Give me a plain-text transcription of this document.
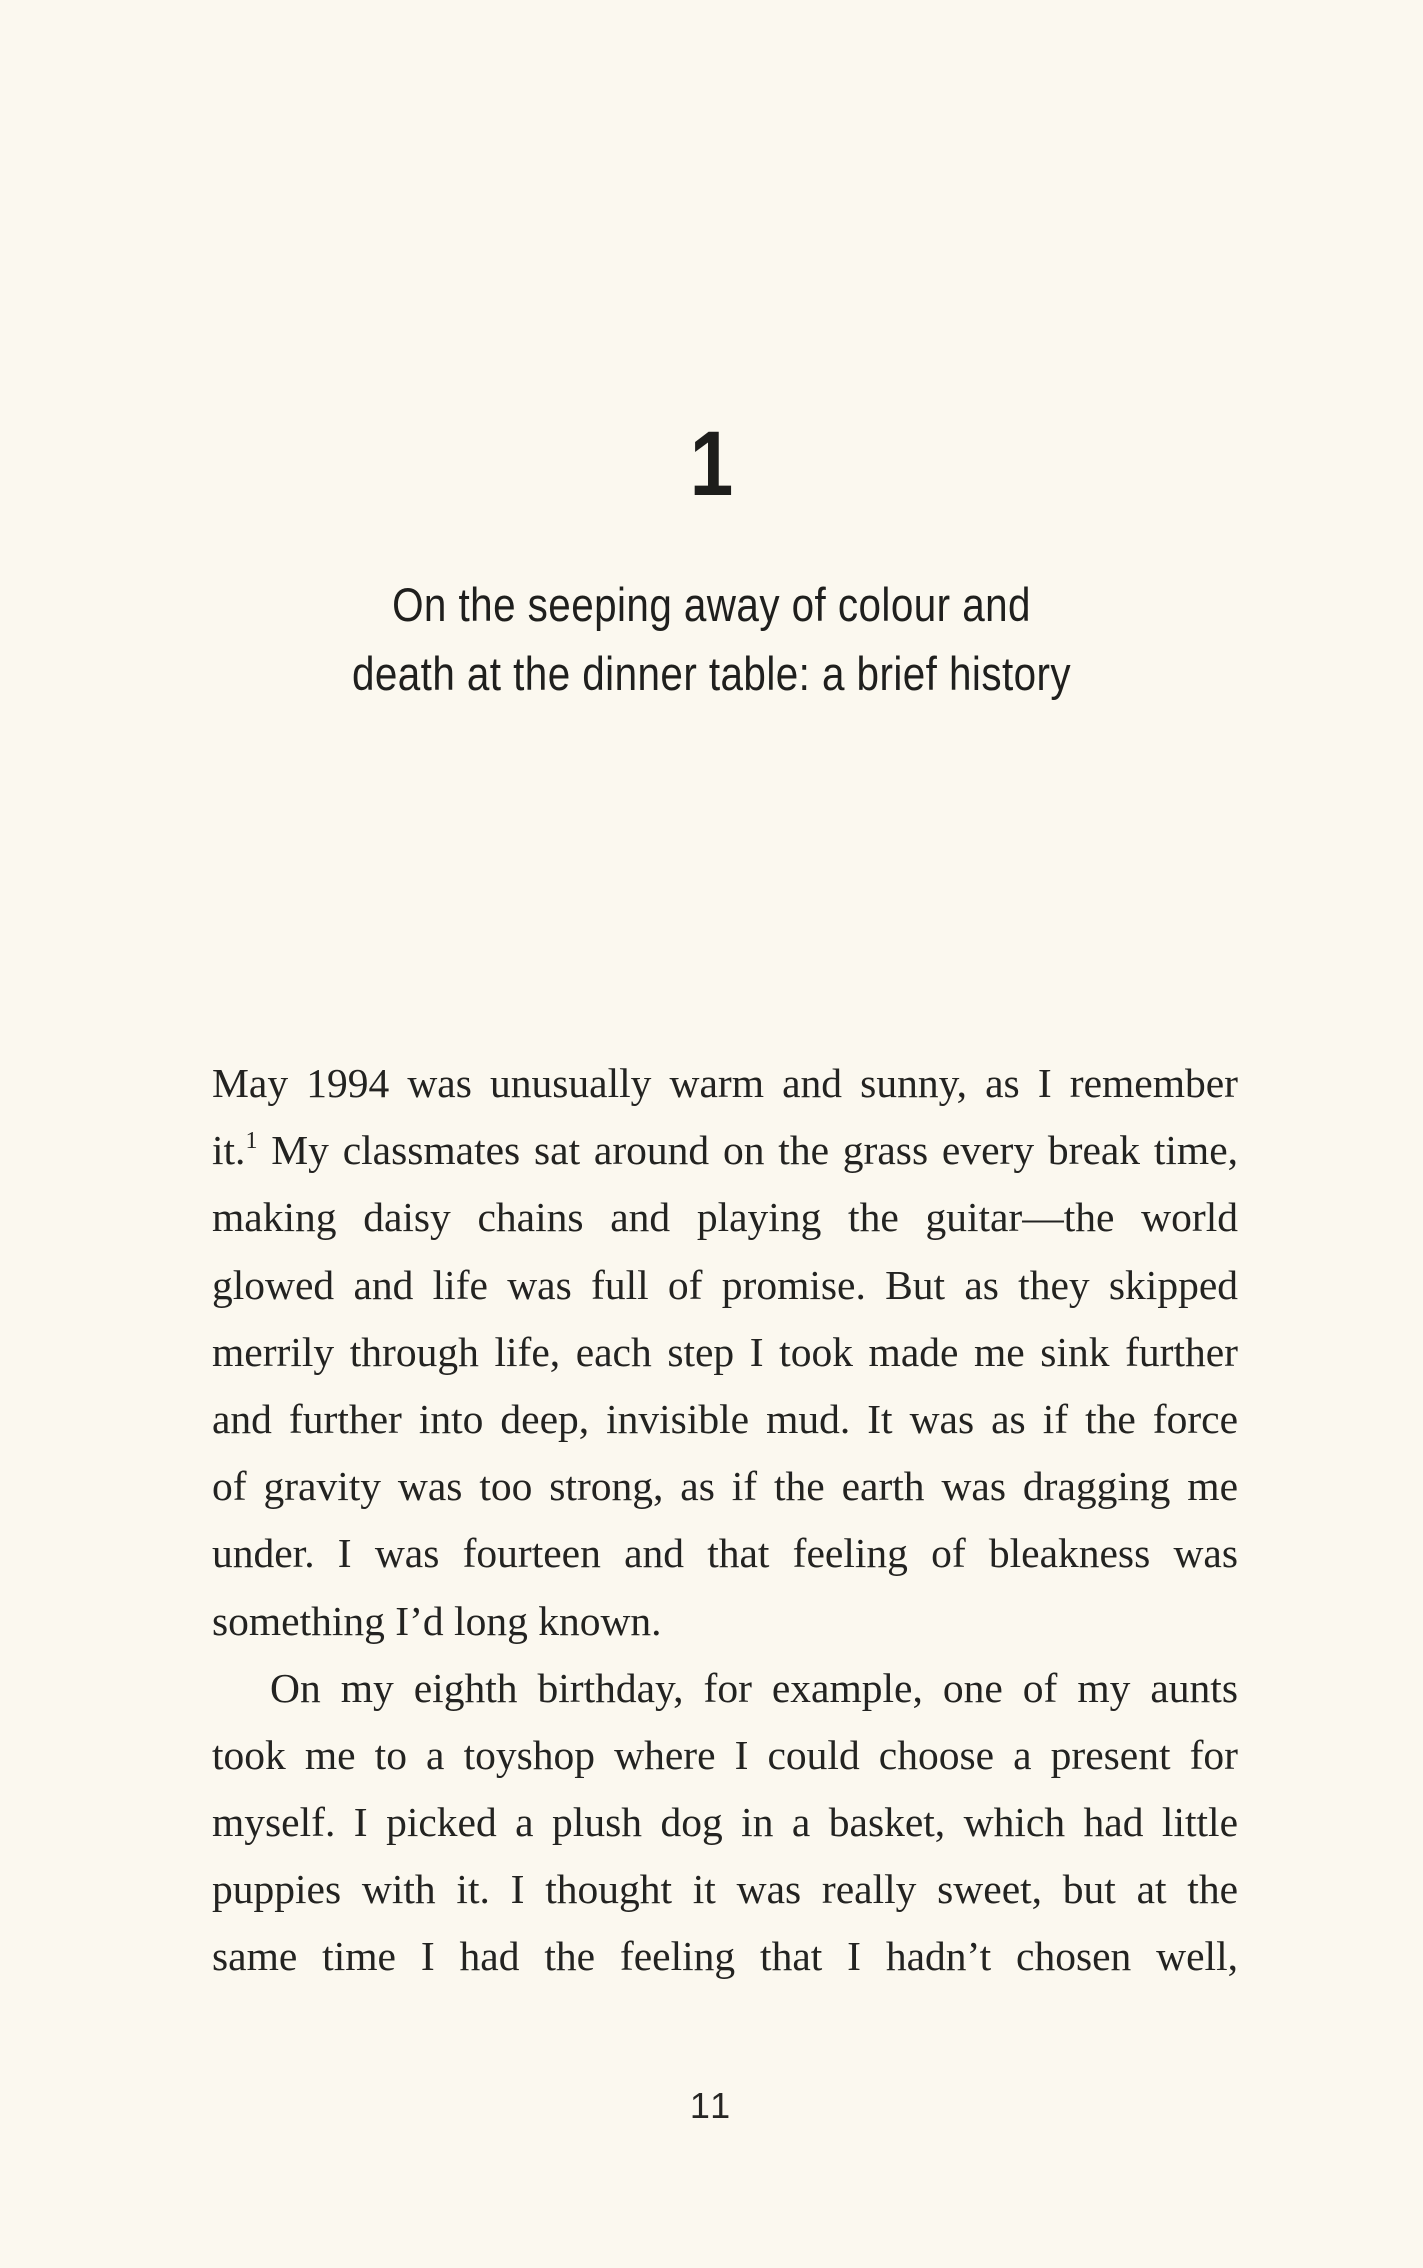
1
On the seeping away of colour and
death at the dinner table: a brief history
May 1994 was unusually warm and sunny, as I remember
it.$^1$ My classmates sat around on the grass every break time,
making daisy chains and playing the guitar—the world
glowed and life was full of promise. But as they skipped
merrily through life, each step I took made me sink further
and further into deep, invisible mud. It was as if the force
of gravity was too strong, as if the earth was dragging me
under. I was fourteen and that feeling of bleakness was
something I’d long known.
On my eighth birthday, for example, one of my aunts
took me to a toyshop where I could choose a present for
myself. I picked a plush dog in a basket, which had little
puppies with it. I thought it was really sweet, but at the
same time I had the feeling that I hadn’t chosen well,
11
